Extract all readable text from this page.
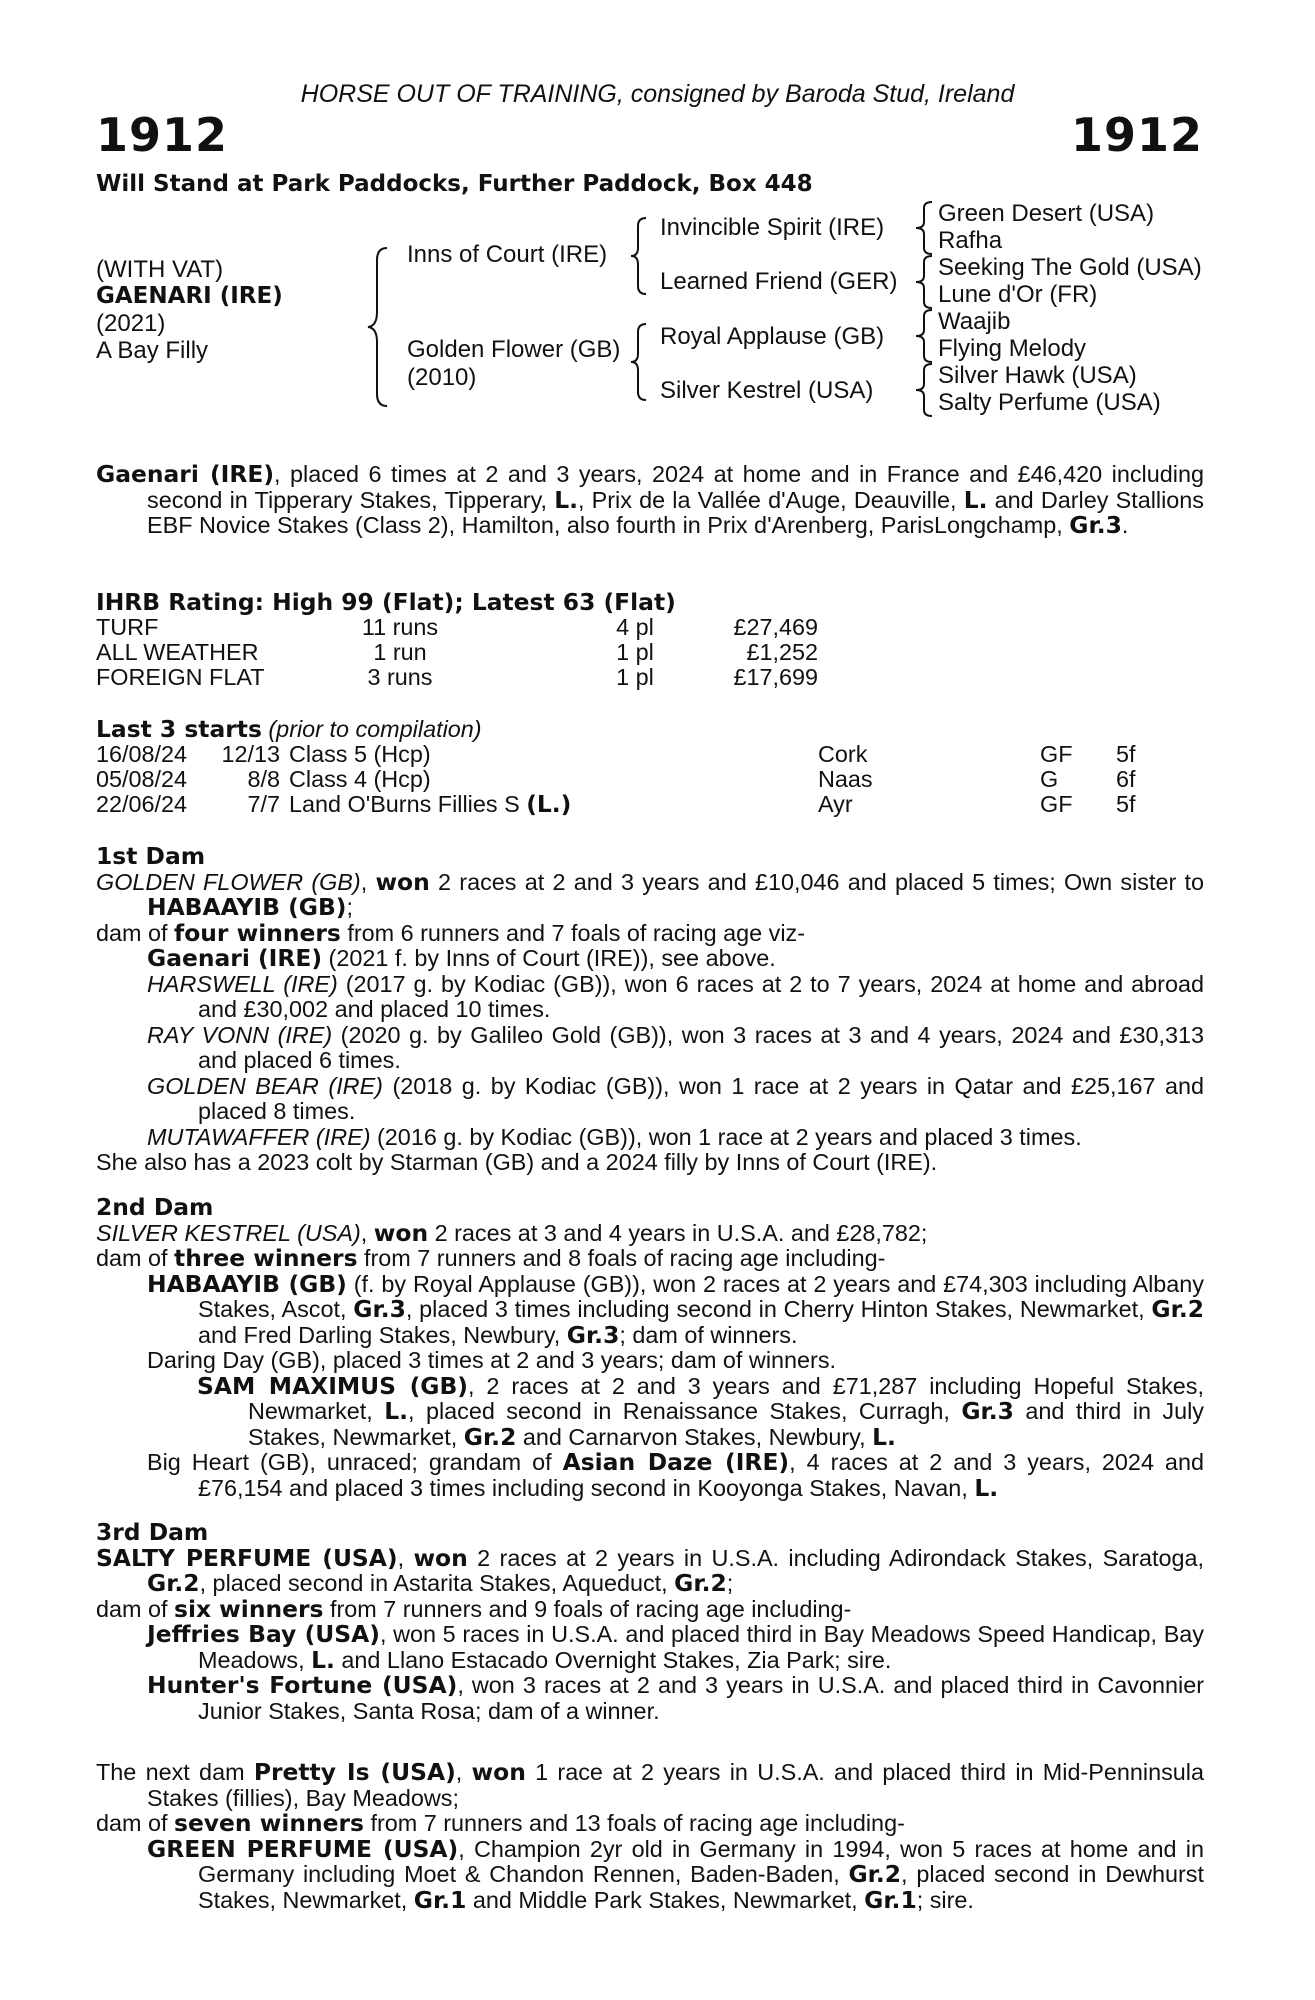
HORSE OUT OF TRAINING, consigned by Baroda Stud, Ireland
1912	1912
Will Stand at Park Paddocks, Further Paddock, Box 448
(WITH VAT)
GAENARI (IRE)
(2021)
A Bay Filly
Inns of Court (IRE)
Golden Flower (GB)
(2010)
Invincible Spirit (IRE)
Learned Friend (GER)
Royal Applause (GB)
Silver Kestrel (USA)
Green Desert (USA)
Rafha
Seeking The Gold (USA)
Lune d'Or (FR)
Waajib
Flying Melody
Silver Hawk (USA)
Salty Perfume (USA)

Gaenari (IRE), placed 6 times at 2 and 3 years, 2024 at home and in France and £46,420 including second in Tipperary Stakes, Tipperary, L., Prix de la Vallée d'Auge, Deauville, L. and Darley Stallions EBF Novice Stakes (Class 2), Hamilton, also fourth in Prix d'Arenberg, ParisLongchamp, Gr.3.

IHRB Rating: High 99 (Flat); Latest 63 (Flat)
TURF	11 runs	4 pl	£27,469
ALL WEATHER	1 run	1 pl	£1,252
FOREIGN FLAT	3 runs	1 pl	£17,699
Last 3 starts (prior to compilation)
16/08/24 12/13 Class 5 (Hcp)	Cork	GF 5f
05/08/24	8/8 Class 4 (Hcp)	Naas	G 6f
22/06/24	7/7 Land O'Burns Fillies S (L.)	Ayr	GF 5f

1st Dam

GOLDEN FLOWER (GB), won 2 races at 2 and 3 years and £10,046 and placed 5 times; Own sister to HABAAYIB (GB);

dam of four winners from 6 runners and 7 foals of racing age viz-

Gaenari (IRE) (2021 f. by Inns of Court (IRE)), see above.

HARSWELL (IRE) (2017 g. by Kodiac (GB)), won 6 races at 2 to 7 years, 2024 at home and abroad and £30,002 and placed 10 times.

RAY VONN (IRE) (2020 g. by Galileo Gold (GB)), won 3 races at 3 and 4 years, 2024 and £30,313 and placed 6 times.

GOLDEN BEAR (IRE) (2018 g. by Kodiac (GB)), won 1 race at 2 years in Qatar and £25,167 and placed 8 times.

MUTAWAFFER (IRE) (2016 g. by Kodiac (GB)), won 1 race at 2 years and placed 3 times.

She also has a 2023 colt by Starman (GB) and a 2024 filly by Inns of Court (IRE).

2nd Dam

SILVER KESTREL (USA), won 2 races at 3 and 4 years in U.S.A. and £28,782;

dam of three winners from 7 runners and 8 foals of racing age including-

HABAAYIB (GB) (f. by Royal Applause (GB)), won 2 races at 2 years and £74,303 including Albany Stakes, Ascot, Gr.3, placed 3 times including second in Cherry Hinton Stakes, Newmarket, Gr.2 and Fred Darling Stakes, Newbury, Gr.3; dam of winners.

Daring Day (GB), placed 3 times at 2 and 3 years; dam of winners.

SAM MAXIMUS (GB), 2 races at 2 and 3 years and £71,287 including Hopeful Stakes, Newmarket, L., placed second in Renaissance Stakes, Curragh, Gr.3 and third in July Stakes, Newmarket, Gr.2 and Carnarvon Stakes, Newbury, L.

Big Heart (GB), unraced; grandam of Asian Daze (IRE), 4 races at 2 and 3 years, 2024 and £76,154 and placed 3 times including second in Kooyonga Stakes, Navan, L.

3rd Dam

SALTY PERFUME (USA), won 2 races at 2 years in U.S.A. including Adirondack Stakes, Saratoga, Gr.2, placed second in Astarita Stakes, Aqueduct, Gr.2;

dam of six winners from 7 runners and 9 foals of racing age including-

Jeffries Bay (USA), won 5 races in U.S.A. and placed third in Bay Meadows Speed Handicap, Bay Meadows, L. and Llano Estacado Overnight Stakes, Zia Park; sire.

Hunter's Fortune (USA), won 3 races at 2 and 3 years in U.S.A. and placed third in Cavonnier Junior Stakes, Santa Rosa; dam of a winner.

The next dam Pretty Is (USA), won 1 race at 2 years in U.S.A. and placed third in Mid-Penninsula Stakes (fillies), Bay Meadows;

dam of seven winners from 7 runners and 13 foals of racing age including-

GREEN PERFUME (USA), Champion 2yr old in Germany in 1994, won 5 races at home and in Germany including Moet & Chandon Rennen, Baden-Baden, Gr.2, placed second in Dewhurst Stakes, Newmarket, Gr.1 and Middle Park Stakes, Newmarket, Gr.1; sire.
